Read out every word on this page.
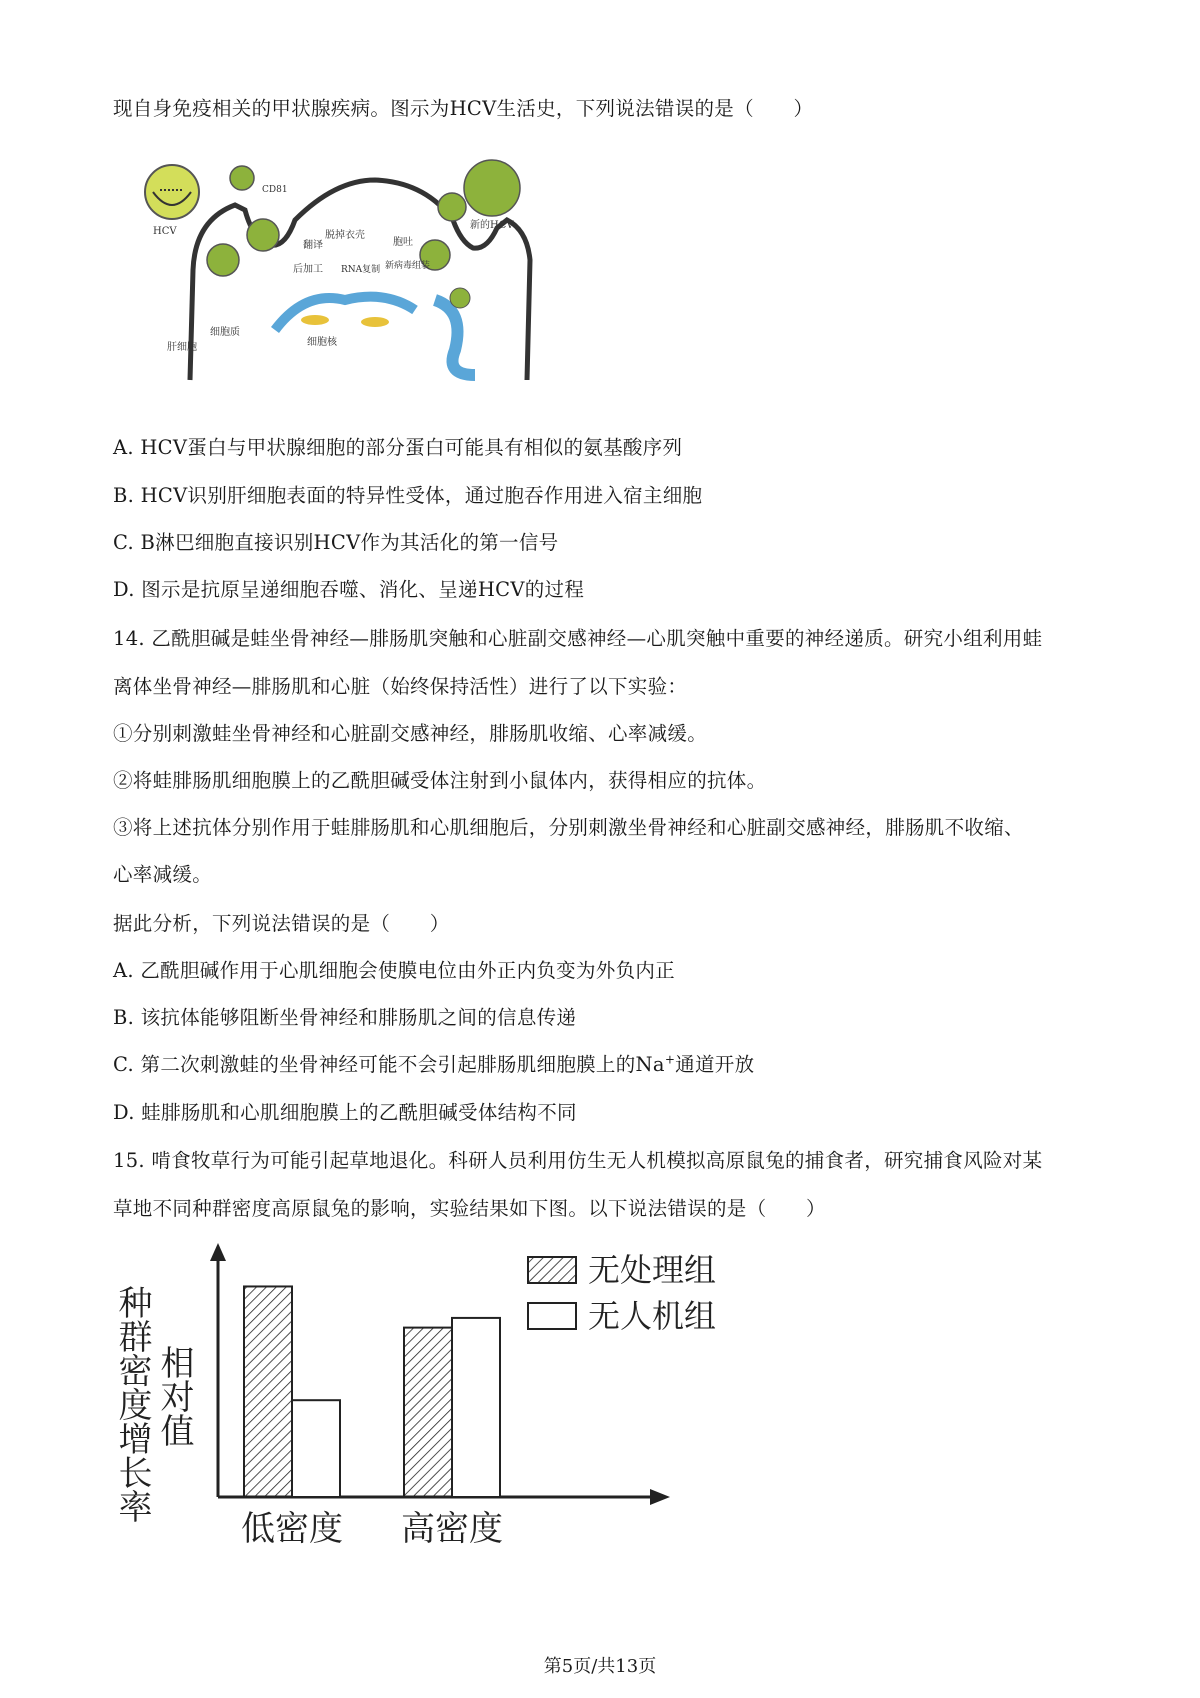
现自身免疫相关的甲状腺疾病。图示为HCV生活史，下列说法错误的是（　　）
HCV
CD81
新的HCV
脱掉衣壳
翻译
后加工 RNA复制
胞吐
新病毒组装
细胞质
细胞核
肝细胞
A. HCV蛋白与甲状腺细胞的部分蛋白可能具有相似的氨基酸序列
B. HCV识别肝细胞表面的特异性受体，通过胞吞作用进入宿主细胞
C. B淋巴细胞直接识别HCV作为其活化的第一信号
D. 图示是抗原呈递细胞吞噬、消化、呈递HCV的过程
14. 乙酰胆碱是蛙坐骨神经—腓肠肌突触和心脏副交感神经—心肌突触中重要的神经递质。研究小组利用蛙
离体坐骨神经—腓肠肌和心脏（始终保持活性）进行了以下实验：
①分别刺激蛙坐骨神经和心脏副交感神经，腓肠肌收缩、心率减缓。
②将蛙腓肠肌细胞膜上的乙酰胆碱受体注射到小鼠体内，获得相应的抗体。
③将上述抗体分别作用于蛙腓肠肌和心肌细胞后，分别刺激坐骨神经和心脏副交感神经，腓肠肌不收缩、
心率减缓。
据此分析，下列说法错误的是（　　）
A. 乙酰胆碱作用于心肌细胞会使膜电位由外正内负变为外负内正
B. 该抗体能够阻断坐骨神经和腓肠肌之间的信息传递
C. 第二次刺激蛙的坐骨神经可能不会引起腓肠肌细胞膜上的Na+通道开放
D. 蛙腓肠肌和心肌细胞膜上的乙酰胆碱受体结构不同
15. 啃食牧草行为可能引起草地退化。科研人员利用仿生无人机模拟高原鼠兔的捕食者，研究捕食风险对某
草地不同种群密度高原鼠兔的影响，实验结果如下图。以下说法错误的是（　　）
种群密度增长率 相对值
低密度 高密度
无处理组
无人机组
第5页/共13页
